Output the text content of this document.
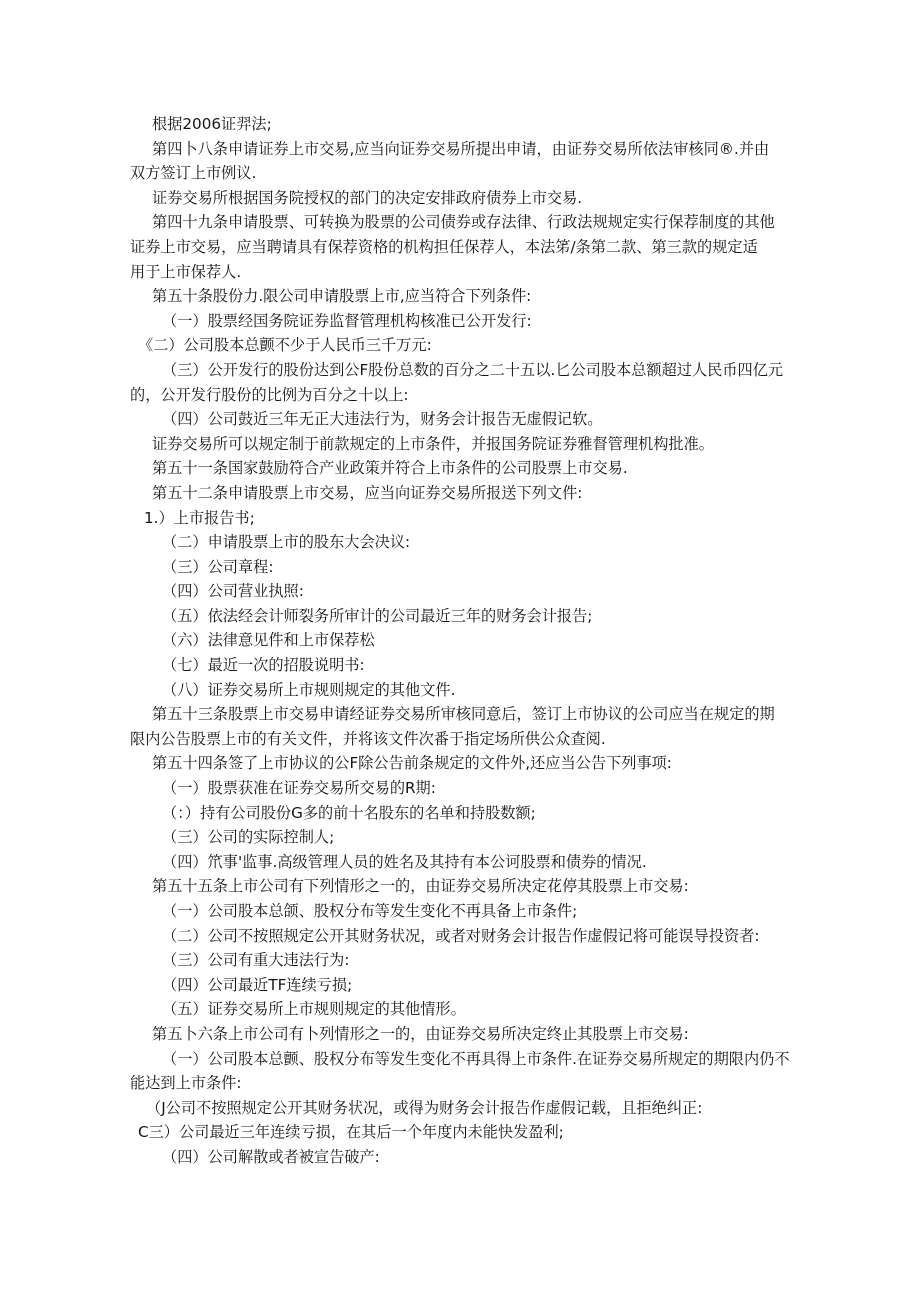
根据2006证羿法;
第四卜八条申请证券上市交易,应当向证券交易所提出申请，由证券交易所依法审核同®.并由
双方签订上市例议.
证券交易所根据国务院授权的部门的决定安排政府债券上市交易.
第四十九条申请股票、可转换为股票的公司债券或存法律、行政法规规定实行保荐制度的其他
证券上市交易，应当聘请具有保荐资格的机构担任保荐人，本法笫/条第二款、第三款的规定适
用于上市保荐人.
第五十条股份力.限公司申请股票上市,应当符合下列条件:
（一）股票经国务院证券监督管理机构核准已公开发行:
《二）公司股本总颤不少于人民币三千万元:
（三）公开发行的股份达到公F股份总数的百分之二十五以.匕公司股本总额超过人民币四亿元
的，公开发行股份的比例为百分之十以上:
（四）公司鼓近三年无正大违法行为，财务会计报告无虚假记软。
证券交易所可以规定制于前款规定的上市条件，并报国务院证券雅督管理机构批准。
第五十一条国家鼓励符合产业政策并符合上市条件的公司股票上市交易.
第五十二条申请股票上市交易，应当向证券交易所报送下列文件:
1.）上市报告书;
（二）申请股票上市的股东大会决议:
（三）公司章程:
（四）公司营业执照:
（五）依法经会计师裂务所审计的公司最近三年的财务会计报告;
（六）法律意见件和上市保荐松
（七）最近一次的招股说明书:
（八）证券交易所上市规则规定的其他文件.
第五十三条股票上市交易申请经证券交易所审核同意后，签订上市协议的公司应当在规定的期
限内公告股票上市的有关文件，并将该文件次番于指定场所供公众查阅.
第五十四条签了上市协议的公F除公告前条规定的文件外,还应当公告下列事项:
（一）股票获准在证券交易所交易的R期:
（：）持有公司股份G多的前十名股东的名单和持股数额;
（三）公司的实际控制人;
（四）笊事'监事.高级管理人员的姓名及其持有本公诃股票和债券的情况.
第五十五条上市公司有下列情形之一的，由证券交易所决定花停其股票上市交易:
（一）公司股本总颌、股权分布等发生变化不再具备上市条件;
（二）公司不按照规定公开其财务状况，或者对财务会计报告作虚假记将可能误导投资者:
（三）公司有重大违法行为:
（四）公司最近TF连续亏损;
（五）证券交易所上市规则规定的其他情形。
第五卜六条上市公司有卜列情形之一的，由证券交易所决定终止其股票上市交易:
（一）公司股本总颤、股权分布等发生变化不再具得上市条件.在证券交易所规定的期限内仍不
能达到上市条件:
（J公司不按照规定公开其财务状况，或得为财务会计报告作虚假记载，且拒绝纠正:
C三）公司最近三年连续亏损，在其后一个年度内未能快发盈利;
（四）公司解散或者被宣告破产:
